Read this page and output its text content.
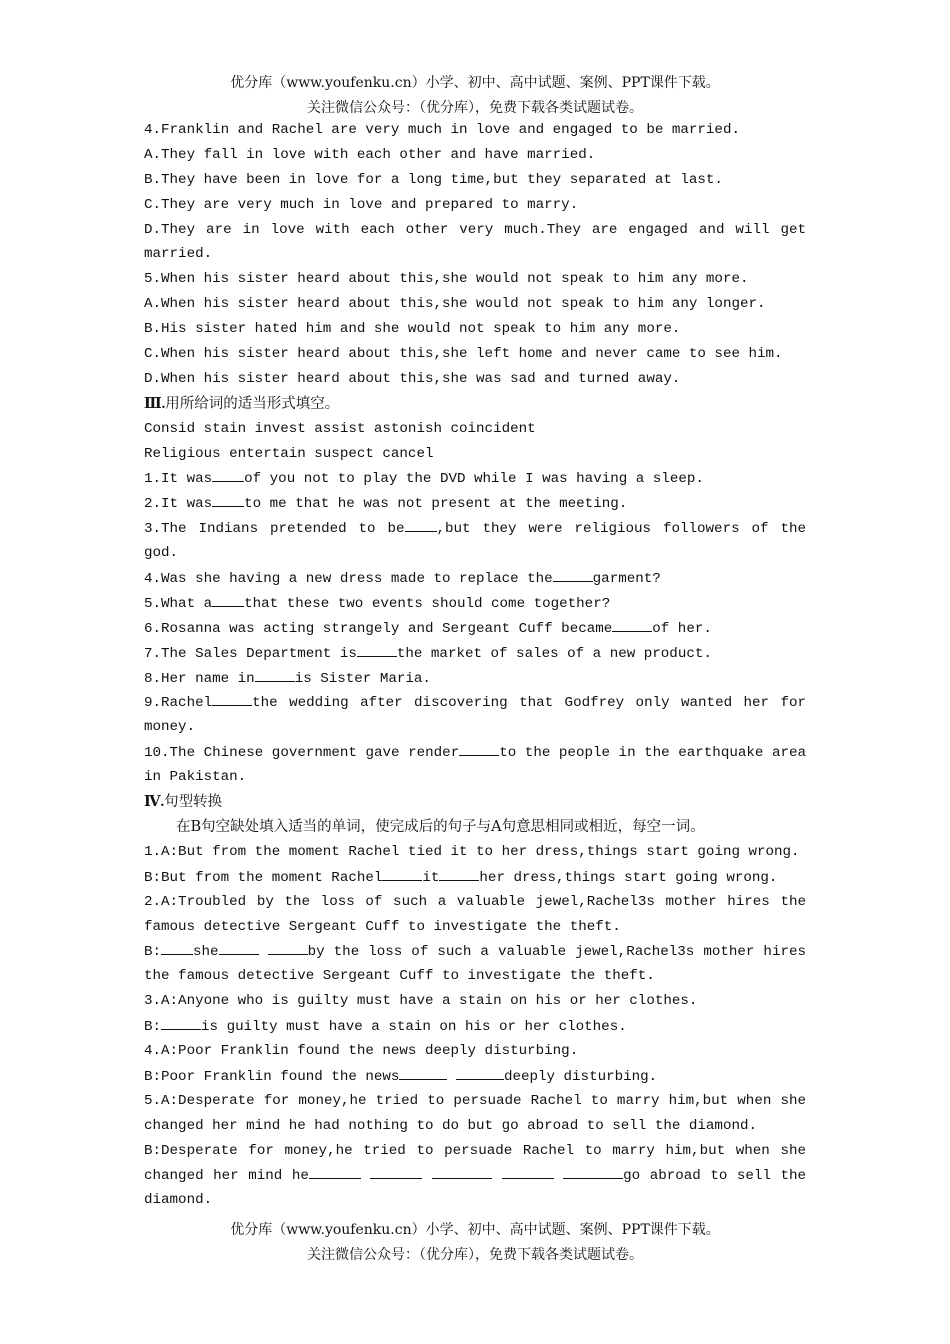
优分库（www.youfenku.cn）小学、初中、高中试题、案例、PPT课件下载。
关注微信公众号：（优分库），免费下载各类试题试卷。
4.Franklin and Rachel are very much in love and engaged to be married.
A.They fall in love with each other and have married.
B.They have been in love for a long time,but they separated at last.
C.They are very much in love and prepared to marry.
D.They are in love with each other very much.They are engaged and will get
married.
5.When his sister heard about this,she would not speak to him any more.
A.When his sister heard about this,she would not speak to him any longer.
B.His sister hated him and she would not speak to him any more.
C.When his sister heard about this,she left home and never came to see him.
D.When his sister heard about this,she was sad and turned away.
Ⅲ.用所给词的适当形式填空。
Consid stain invest assist astonish coincident
Religious entertain suspect cancel
1.It was of you not to play the DVD while I was having a sleep.
2.It was to me that he was not present at the meeting.
3.The Indians pretended to be ,but they were religious followers of the
god.
4.Was she having a new dress made to replace the	garment?
5.What a that these two events should come together?
6.Rosanna was acting strangely and Sergeant Cuff became	of her.
7.The Sales Department is	the market of sales of a new product.
8.Her name in	is Sister Maria.
9.Rachel	the wedding after discovering that Godfrey only wanted her for
money.
10.The Chinese government gave render	to the people in the earthquake area
in Pakistan.
Ⅳ.句型转换
在B句空缺处填入适当的单词，使完成后的句子与A句意思相同或相近，每空一词。
1.A:But from the moment Rachel tied it to her dress,things start going wrong.
B:But from the moment Rachel	it	her dress,things start going wrong.
2.A:Troubled by the loss of such a valuable jewel,Rachel3s mother hires the
famous detective Sergeant Cuff to investigate the theft.
B: she	by the loss of such a valuable jewel,Rachel3s mother hires
the famous detective Sergeant Cuff to investigate the theft.
3.A:Anyone who is guilty must have a stain on his or her clothes.
B:	is guilty must have a stain on his or her clothes.
4.A:Poor Franklin found the news deeply disturbing.
B:Poor Franklin found the news	deeply disturbing.
5.A:Desperate for money,he tried to persuade Rachel to marry him,but when she
changed her mind he had nothing to do but go abroad to sell the diamond.
B:Desperate for money,he tried to persuade Rachel to marry him,but when she
changed her mind he	go abroad to sell the
diamond.
优分库（www.youfenku.cn）小学、初中、高中试题、案例、PPT课件下载。
关注微信公众号：（优分库），免费下载各类试题试卷。
